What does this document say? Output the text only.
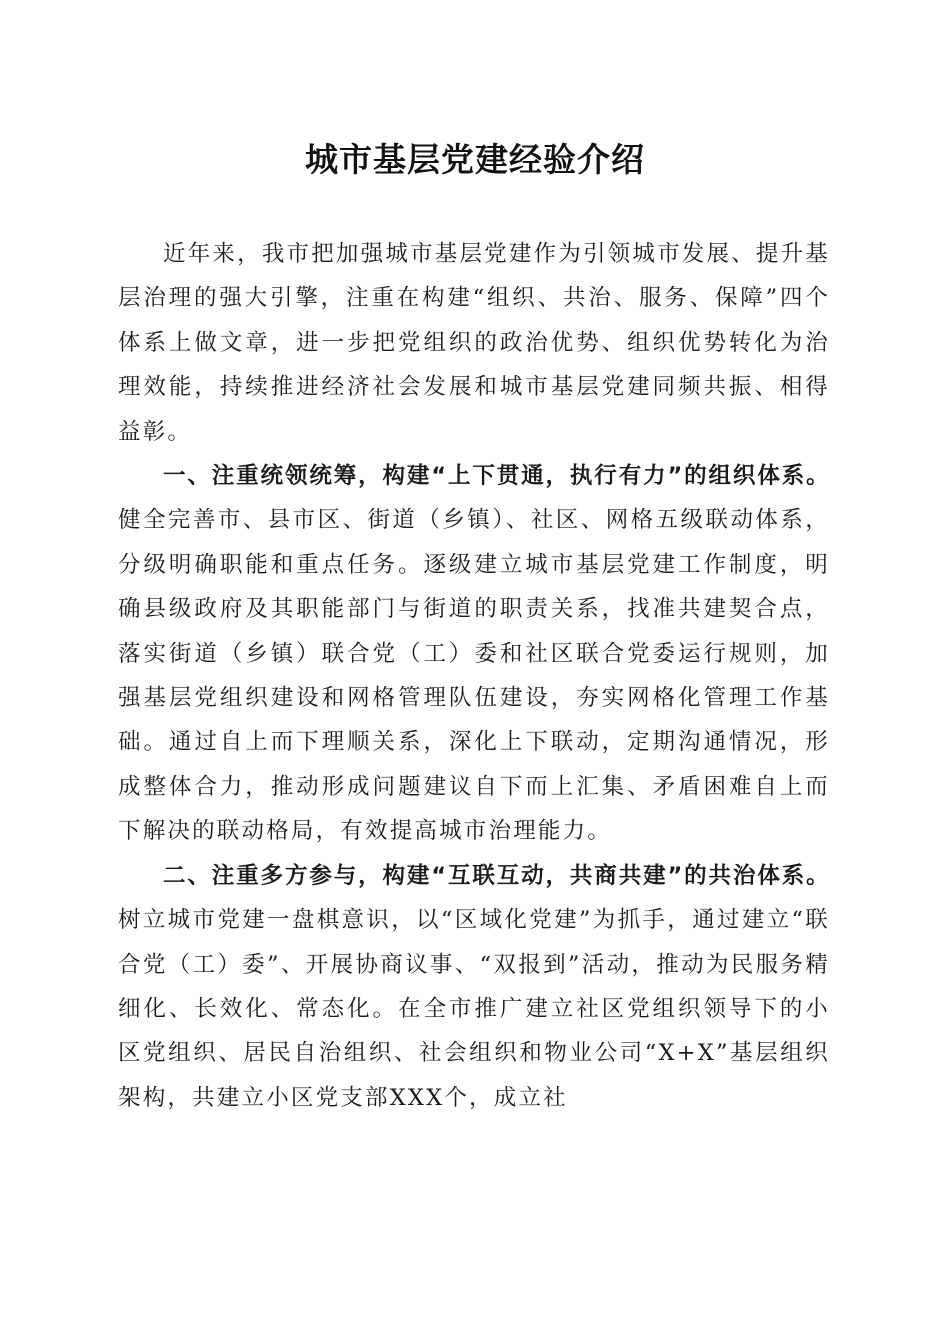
城市基层党建经验介绍

近年来，我市把加强城市基层党建作为引领城市发展、提升基层治理的强大引擎，注重在构建“组织、共治、服务、保障”四个体系上做文章，进一步把党组织的政治优势、组织优势转化为治理效能，持续推进经济社会发展和城市基层党建同频共振、相得益彰。

一、注重统领统筹，构建“上下贯通，执行有力”的组织体系。健全完善市、县市区、街道（乡镇）、社区、网格五级联动体系，分级明确职能和重点任务。逐级建立城市基层党建工作制度，明确县级政府及其职能部门与街道的职责关系，找准共建契合点，落实街道（乡镇）联合党（工）委和社区联合党委运行规则，加强基层党组织建设和网格管理队伍建设，夯实网格化管理工作基础。通过自上而下理顺关系，深化上下联动，定期沟通情况，形成整体合力，推动形成问题建议自下而上汇集、矛盾困难自上而下解决的联动格局，有效提高城市治理能力。

二、注重多方参与，构建“互联互动，共商共建”的共治体系。树立城市党建一盘棋意识，以“区域化党建”为抓手，通过建立“联合党（工）委”、开展协商议事、“双报到”活动，推动为民服务精细化、长效化、常态化。在全市推广建立社区党组织领导下的小区党组织、居民自治组织、社会组织和物业公司“X+X”基层组织架构，共建立小区党支部XXX个，成立社
